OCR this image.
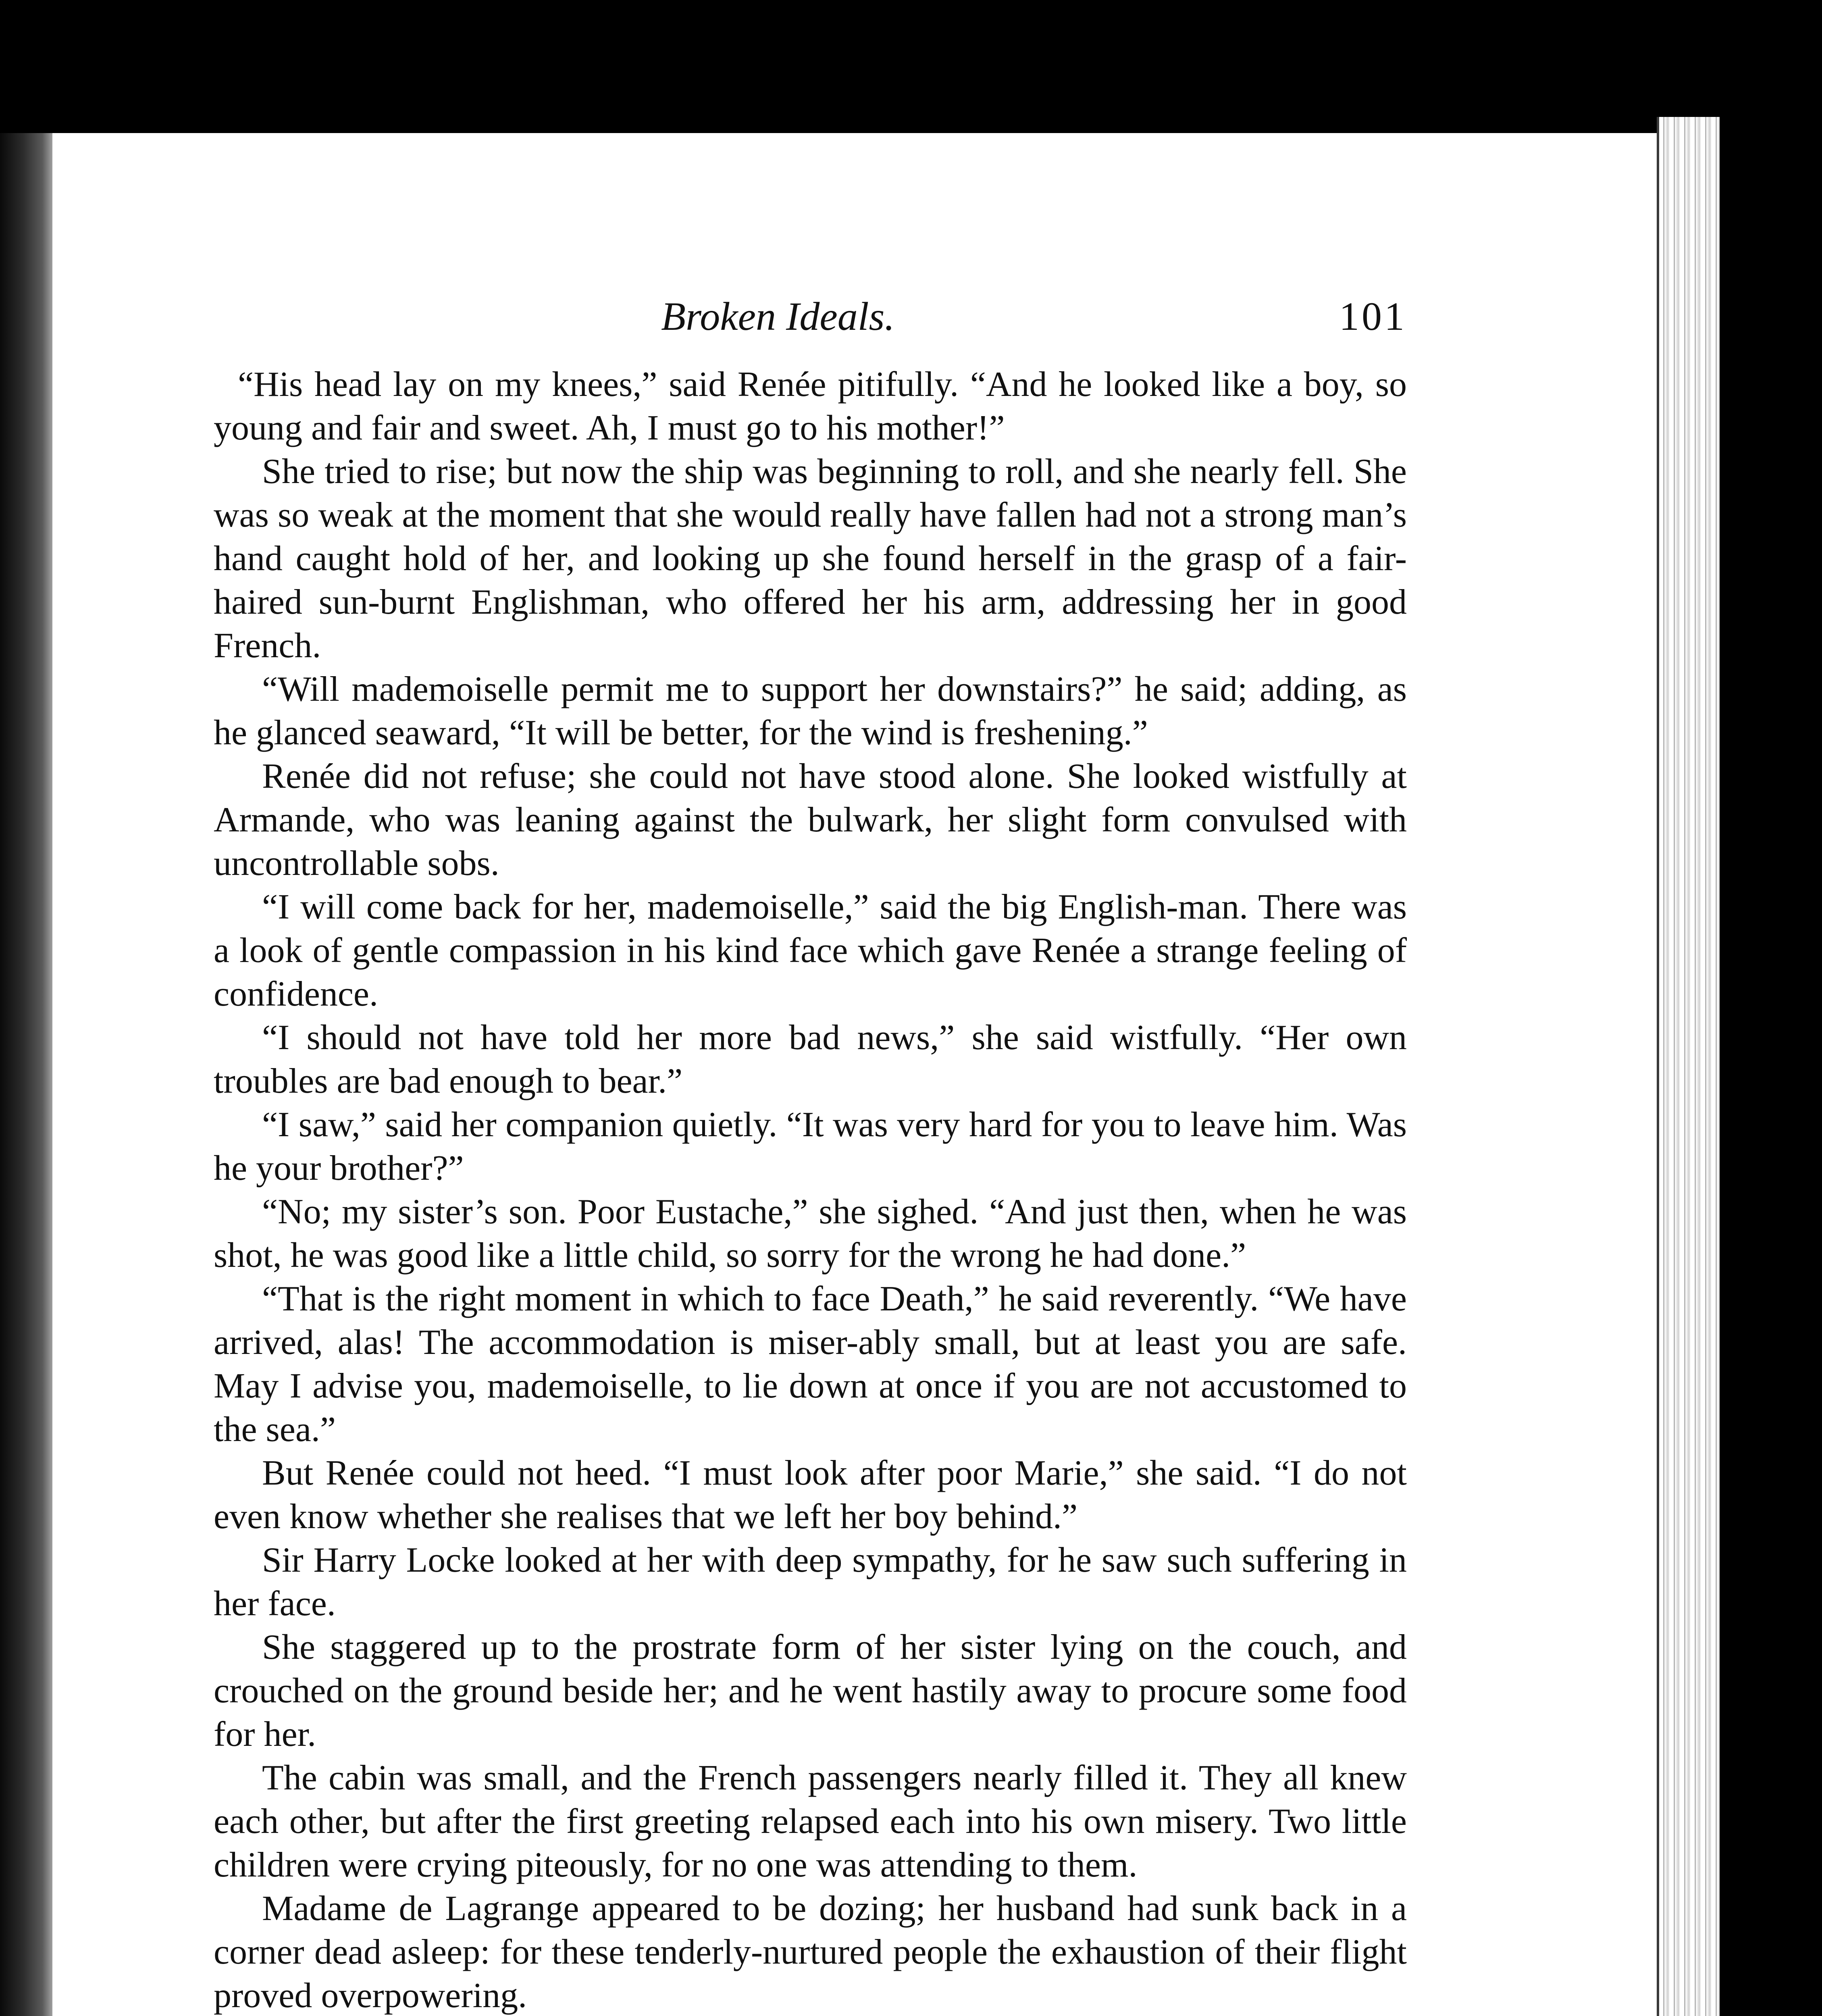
Broken Ideals.	101

“His head lay on my knees,” said Renée pitifully. “And he looked like a boy, so young and fair and sweet. Ah, I must go to his mother!”

She tried to rise; but now the ship was beginning to roll, and she nearly fell. She was so weak at the moment that she would really have fallen had not a strong man’s hand caught hold of her, and looking up she found herself in the grasp of a fair-haired sun-burnt Englishman, who offered her his arm, addressing her in good French.

“Will mademoiselle permit me to support her downstairs?” he said; adding, as he glanced seaward, “It will be better, for the wind is freshening.”

Renée did not refuse; she could not have stood alone. She looked wistfully at Armande, who was leaning against the bulwark, her slight form convulsed with uncontrollable sobs.

“I will come back for her, mademoiselle,” said the big English-man. There was a look of gentle compassion in his kind face which gave Renée a strange feeling of confidence.

“I should not have told her more bad news,” she said wistfully. “Her own troubles are bad enough to bear.”

“I saw,” said her companion quietly. “It was very hard for you to leave him. Was he your brother?”

“No; my sister’s son. Poor Eustache,” she sighed. “And just then, when he was shot, he was good like a little child, so sorry for the wrong he had done.”

“That is the right moment in which to face Death,” he said reverently. “We have arrived, alas! The accommodation is miser-ably small, but at least you are safe. May I advise you, mademoiselle, to lie down at once if you are not accustomed to the sea.”

But Renée could not heed. “I must look after poor Marie,” she said. “I do not even know whether she realises that we left her boy behind.”

Sir Harry Locke looked at her with deep sympathy, for he saw such suffering in her face.

She staggered up to the prostrate form of her sister lying on the couch, and crouched on the ground beside her; and he went hastily away to procure some food for her.

The cabin was small, and the French passengers nearly filled it. They all knew each other, but after the first greeting relapsed each into his own misery. Two little children were crying piteously, for no one was attending to them.

Madame de Lagrange appeared to be dozing; her husband had sunk back in a corner dead asleep: for these tenderly-nurtured people the exhaustion of their flight proved overpowering.
